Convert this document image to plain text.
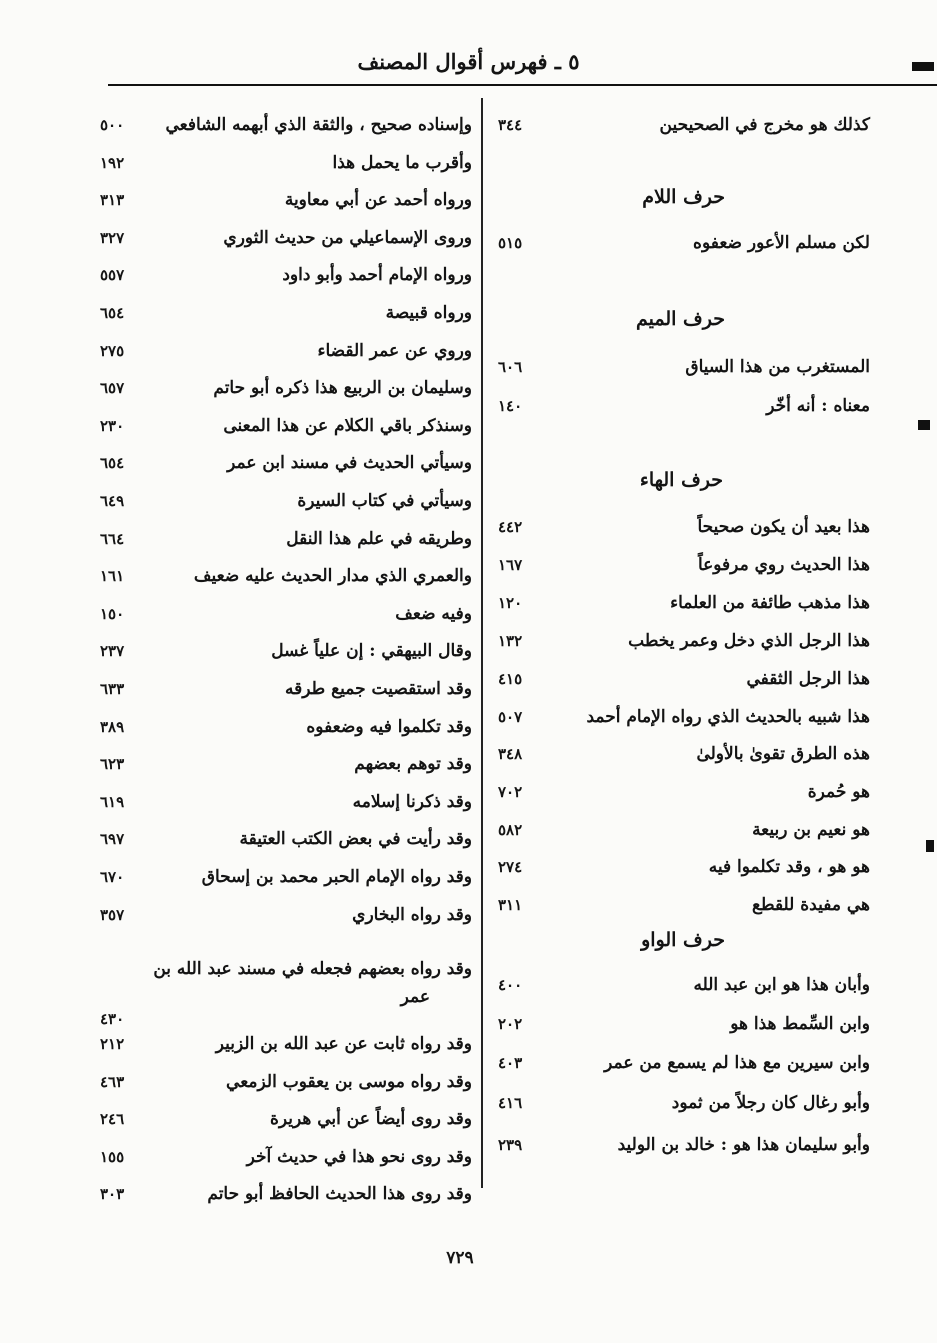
٥ ـ فهرس أقوال المصنف
كذلك هو مخرج في الصحيحين
٣٤٤
حرف اللام
لكن مسلم الأعور ضعفوه
٥١٥
حرف الميم
المستغرب من هذا السياق
٦٠٦
معناه : أنه أخّر
١٤٠
حرف الهاء
هذا بعيد أن يكون صحيحاً
٤٤٢
هذا الحديث روي مرفوعاً
١٦٧
هذا مذهب طائفة من العلماء
١٢٠
هذا الرجل الذي دخل وعمر يخطب
١٣٢
هذا الرجل الثقفي
٤١٥
هذا شبيه بالحديث الذي رواه الإمام أحمد
٥٠٧
هذه الطرق تقوىٰ بالأولىٰ
٣٤٨
هو حُمرة
٧٠٢
هو نعيم بن ربيعة
٥٨٢
هو هو ، وقد تكلموا فيه
٢٧٤
هي مفيدة للقطع
٣١١
حرف الواو
وأبان هذا هو ابن عبد الله
٤٠٠
وابن السِّمط هذا هو
٢٠٢
وابن سيرين مع هذا لم يسمع من عمر
٤٠٣
وأبو رغال كان رجلاً من ثمود
٤١٦
وأبو سليمان هذا هو : خالد بن الوليد
٢٣٩
وإسناده صحيح ، والثقة الذي أبهمه الشافعي
٥٠٠
وأقرب ما يحمل هذا
١٩٢
ورواه أحمد عن أبي معاوية
٣١٣
وروى الإسماعيلي من حديث الثوري
٣٢٧
ورواه الإمام أحمد وأبو داود
٥٥٧
ورواه قبيصة
٦٥٤
وروي عن عمر القضاء
٢٧٥
وسليمان بن الربيع هذا ذكره أبو حاتم
٦٥٧
وسنذكر باقي الكلام عن هذا المعنى
٢٣٠
وسيأتي الحديث في مسند ابن عمر
٦٥٤
وسيأتي في كتاب السيرة
٦٤٩
وطريقه في علم هذا النقل
٦٦٤
والعمري الذي مدار الحديث عليه ضعيف
١٦١
وفيه ضعف
١٥٠
وقال البيهقي : إن علياً غسل
٢٣٧
وقد استقصيت جميع طرقه
٦٣٣
وقد تكلموا فيه وضعفوه
٣٨٩
وقد توهم بعضهم
٦٢٣
وقد ذكرنا إسلامه
٦١٩
وقد رأيت في بعض الكتب العتيقة
٦٩٧
وقد رواه الإمام الحبر محمد بن إسحاق
٦٧٠
وقد رواه البخاري
٣٥٧
وقد رواه بعضهم فجعله في مسند عبد الله بن
عمر
٤٣٠
وقد رواه ثابت عن عبد الله بن الزبير
٢١٢
وقد رواه موسى بن يعقوب الزمعي
٤٦٣
وقد روى أيضاً عن أبي هريرة
٢٤٦
وقد روى نحو هذا في حديث آخر
١٥٥
وقد روى هذا الحديث الحافظ أبو حاتم
٣٠٣
٧٢٩
